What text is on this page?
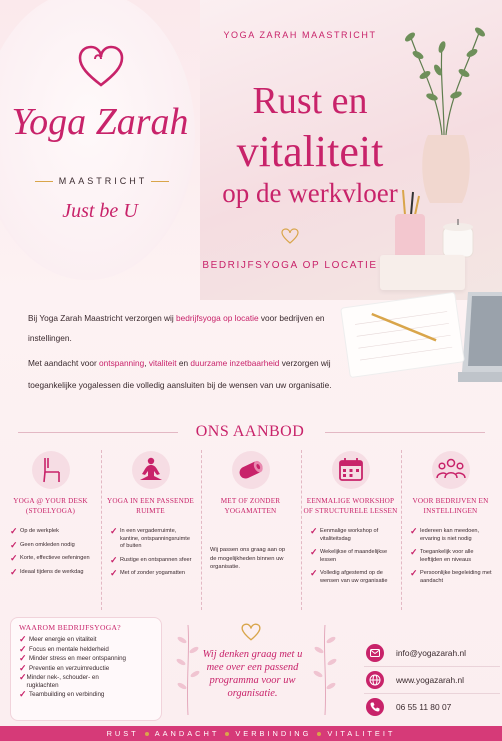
Yoga Zarah
MAASTRICHT
Just be U
YOGA ZARAH MAASTRICHT
Rust en
vitaliteit
op de werkvloer
BEDRIJFSYOGA OP LOCATIE
Bij Yoga Zarah Maastricht verzorgen wij bedrijfsyoga op locatie voor bedrijven en instellingen.
Met aandacht voor ontspanning, vitaliteit en duurzame inzetbaarheid verzorgen wij toegankelijke yogalessen die volledig aansluiten bij de wensen van uw organisatie.
ONS AANBOD
YOGA @ YOUR DESK (STOELYOGA)
✓ Op de werkplek
✓ Geen omkleden nodig
✓ Korte, effectieve oefeningen
✓ Ideaal tijdens de werkdag
YOGA IN EEN PASSENDE RUIMTE
✓ In een vergaderruimte, kantine, ontspanningsruimte of buiten
✓ Rustige en ontspannen sfeer
✓ Met of zonder yogamatten
MET OF ZONDER YOGAMATTEN
Wij passen ons graag aan op de mogelijkheden binnen uw organisatie.
EENMALIGE WORKSHOP OF STRUCTURELE LESSEN
✓ Eenmalige workshop of vitaliteitsdag
✓ Wekelijkse of maandelijkse lessen
✓ Volledig afgestemd op de wensen van uw organisatie
VOOR BEDRIJVEN EN INSTELLINGEN
✓ Iedereen kan meedoen, ervaring is niet nodig
✓ Toegankelijk voor alle leeftijden en niveaus
✓ Persoonlijke begeleiding met aandacht
WAAROM BEDRIJFSYOGA?
✓ Meer energie en vitaliteit
✓ Focus en mentale helderheid
✓ Minder stress en meer ontspanning
✓ Preventie en verzuimreductie
✓ Minder nek-, schouder- en rugklachten
✓ Teambuilding en verbinding
Wij denken graag met u mee over een passend programma voor uw organisatie.
info@yogazarah.nl
www.yogazarah.nl
06 55 11 80 07
RUST AANDACHT VERBINDING VITALITEIT
